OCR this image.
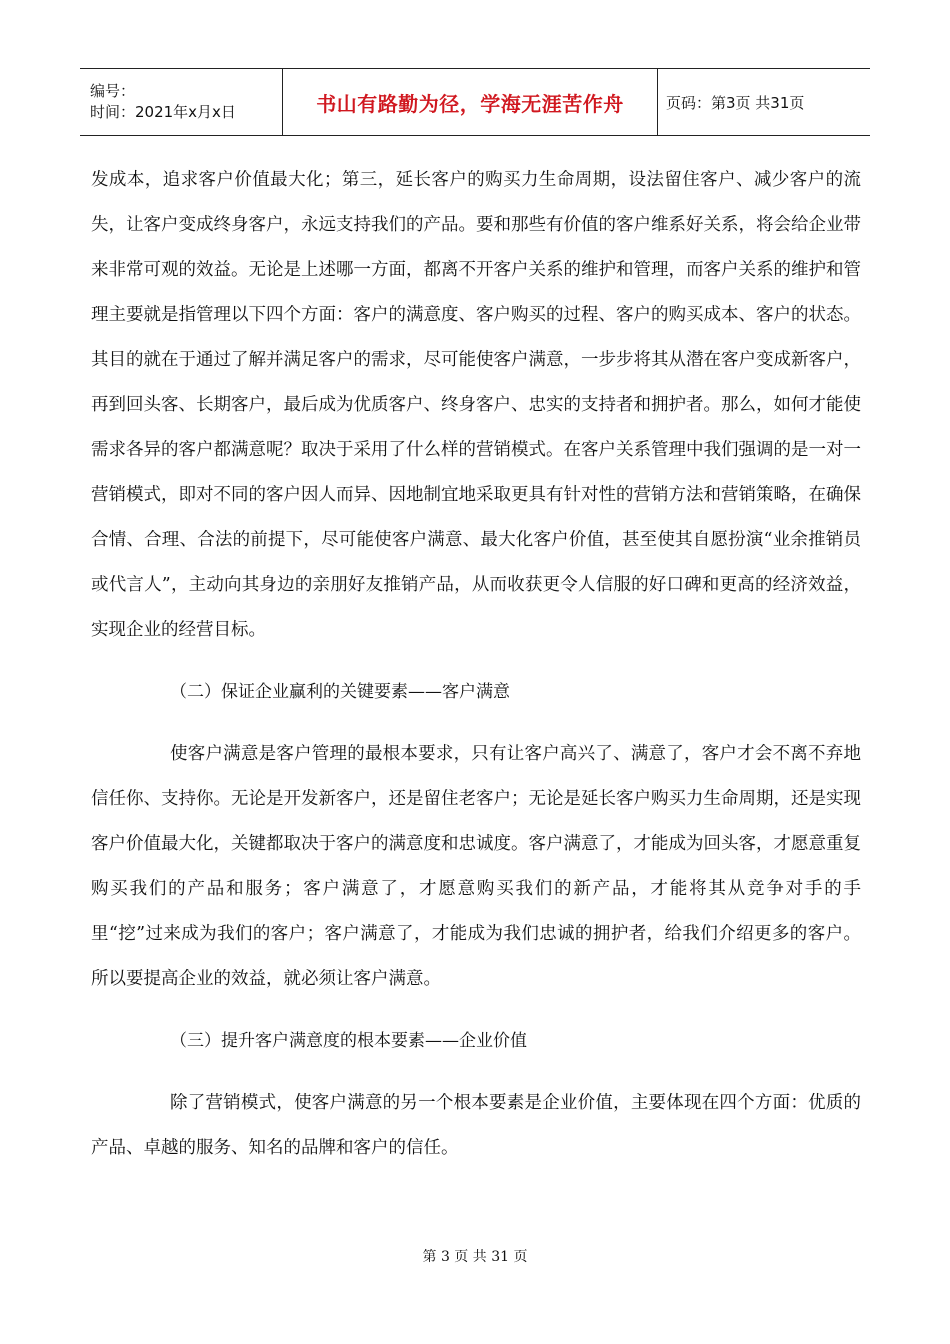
编号：
时间：2021年x月x日	书山有路勤为径，学海无涯苦作舟	页码：第3页 共31页

发成本，追求客户价值最大化；第三，延长客户的购买力生命周期，设法留住客户、减少客户的流失，让客户变成终身客户，永远支持我们的产品。要和那些有价值的客户维系好关系，将会给企业带来非常可观的效益。无论是上述哪一方面，都离不开客户关系的维护和管理，而客户关系的维护和管理主要就是指管理以下四个方面：客户的满意度、客户购买的过程、客户的购买成本、客户的状态。其目的就在于通过了解并满足客户的需求，尽可能使客户满意，一步步将其从潜在客户变成新客户，再到回头客、长期客户，最后成为优质客户、终身客户、忠实的支持者和拥护者。那么，如何才能使需求各异的客户都满意呢？取决于采用了什么样的营销模式。在客户关系管理中我们强调的是一对一营销模式，即对不同的客户因人而异、因地制宜地采取更具有针对性的营销方法和营销策略，在确保合情、合理、合法的前提下，尽可能使客户满意、最大化客户价值，甚至使其自愿扮演“业余推销员或代言人”，主动向其身边的亲朋好友推销产品，从而收获更令人信服的好口碑和更高的经济效益，实现企业的经营目标。

（二）保证企业赢利的关键要素——客户满意

使客户满意是客户管理的最根本要求，只有让客户高兴了、满意了，客户才会不离不弃地信任你、支持你。无论是开发新客户，还是留住老客户；无论是延长客户购买力生命周期，还是实现客户价值最大化，关键都取决于客户的满意度和忠诚度。客户满意了，才能成为回头客，才愿意重复购买我们的产品和服务；客户满意了，才愿意购买我们的新产品，才能将其从竞争对手的手里“挖”过来成为我们的客户；客户满意了，才能成为我们忠诚的拥护者，给我们介绍更多的客户。所以要提高企业的效益，就必须让客户满意。

（三）提升客户满意度的根本要素——企业价值

除了营销模式，使客户满意的另一个根本要素是企业价值，主要体现在四个方面：优质的产品、卓越的服务、知名的品牌和客户的信任。

第 3 页 共 31 页
